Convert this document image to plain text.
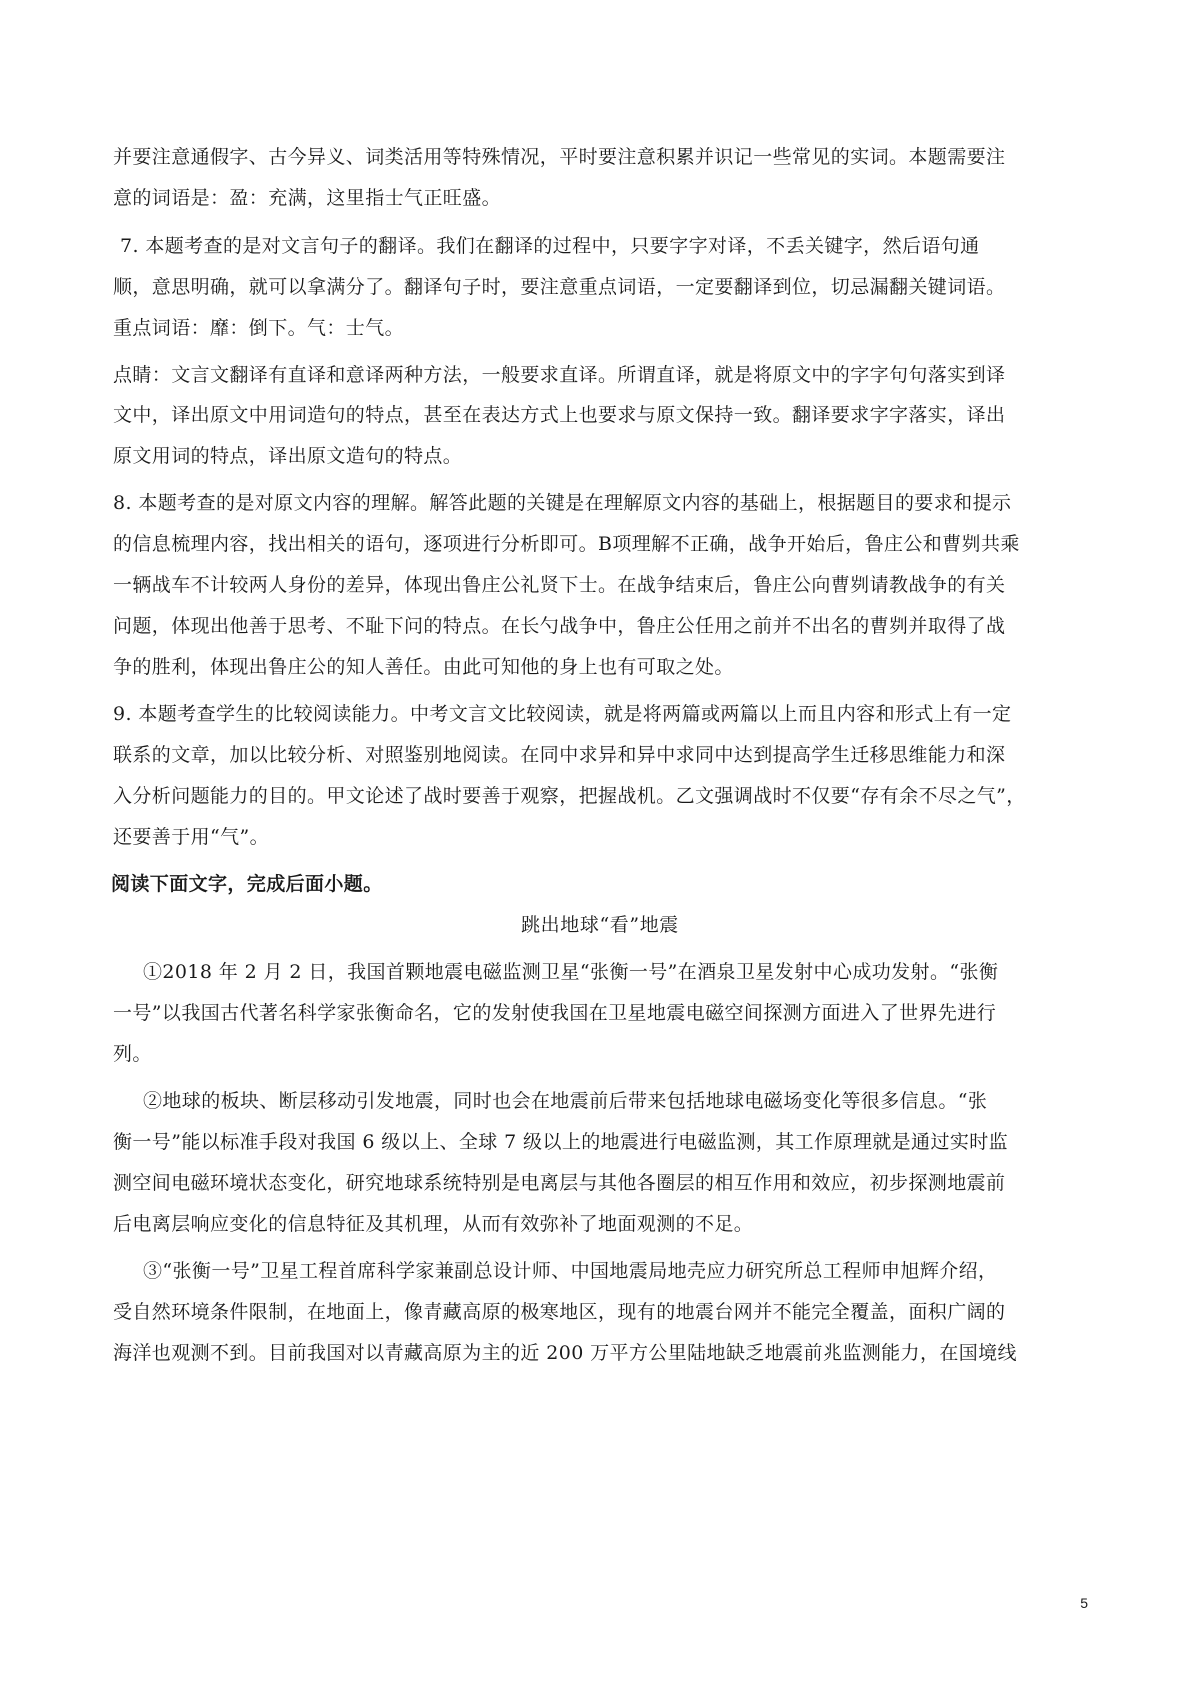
并要注意通假字、古今异义、词类活用等特殊情况，平时要注意积累并识记一些常见的实词。本题需要注
意的词语是：盈：充满，这里指士气正旺盛。
7. 本题考查的是对文言句子的翻译。我们在翻译的过程中，只要字字对译，不丢关键字，然后语句通
顺，意思明确，就可以拿满分了。翻译句子时，要注意重点词语，一定要翻译到位，切忌漏翻关键词语。
重点词语：靡：倒下。气：士气。
点睛：文言文翻译有直译和意译两种方法，一般要求直译。所谓直译，就是将原文中的字字句句落实到译
文中，译出原文中用词造句的特点，甚至在表达方式上也要求与原文保持一致。翻译要求字字落实，译出
原文用词的特点，译出原文造句的特点。
8. 本题考查的是对原文内容的理解。解答此题的关键是在理解原文内容的基础上，根据题目的要求和提示
的信息梳理内容，找出相关的语句，逐项进行分析即可。B项理解不正确，战争开始后，鲁庄公和曹刿共乘
一辆战车不计较两人身份的差异，体现出鲁庄公礼贤下士。在战争结束后，鲁庄公向曹刿请教战争的有关
问题，体现出他善于思考、不耻下问的特点。在长勺战争中，鲁庄公任用之前并不出名的曹刿并取得了战
争的胜利，体现出鲁庄公的知人善任。由此可知他的身上也有可取之处。
9. 本题考查学生的比较阅读能力。中考文言文比较阅读，就是将两篇或两篇以上而且内容和形式上有一定
联系的文章，加以比较分析、对照鉴别地阅读。在同中求异和异中求同中达到提高学生迁移思维能力和深
入分析问题能力的目的。甲文论述了战时要善于观察，把握战机。乙文强调战时不仅要“存有余不尽之气”，
还要善于用“气”。
阅读下面文字，完成后面小题。
跳出地球“看”地震
①2018 年 2 月 2 日，我国首颗地震电磁监测卫星“张衡一号”在酒泉卫星发射中心成功发射。“张衡
一号”以我国古代著名科学家张衡命名，它的发射使我国在卫星地震电磁空间探测方面进入了世界先进行
列。
②地球的板块、断层移动引发地震，同时也会在地震前后带来包括地球电磁场变化等很多信息。“张
衡一号”能以标准手段对我国 6 级以上、全球 7 级以上的地震进行电磁监测，其工作原理就是通过实时监
测空间电磁环境状态变化，研究地球系统特别是电离层与其他各圈层的相互作用和效应，初步探测地震前
后电离层响应变化的信息特征及其机理，从而有效弥补了地面观测的不足。
③“张衡一号”卫星工程首席科学家兼副总设计师、中国地震局地壳应力研究所总工程师申旭辉介绍，
受自然环境条件限制，在地面上，像青藏高原的极寒地区，现有的地震台网并不能完全覆盖，面积广阔的
海洋也观测不到。目前我国对以青藏高原为主的近 200 万平方公里陆地缺乏地震前兆监测能力，在国境线
5
